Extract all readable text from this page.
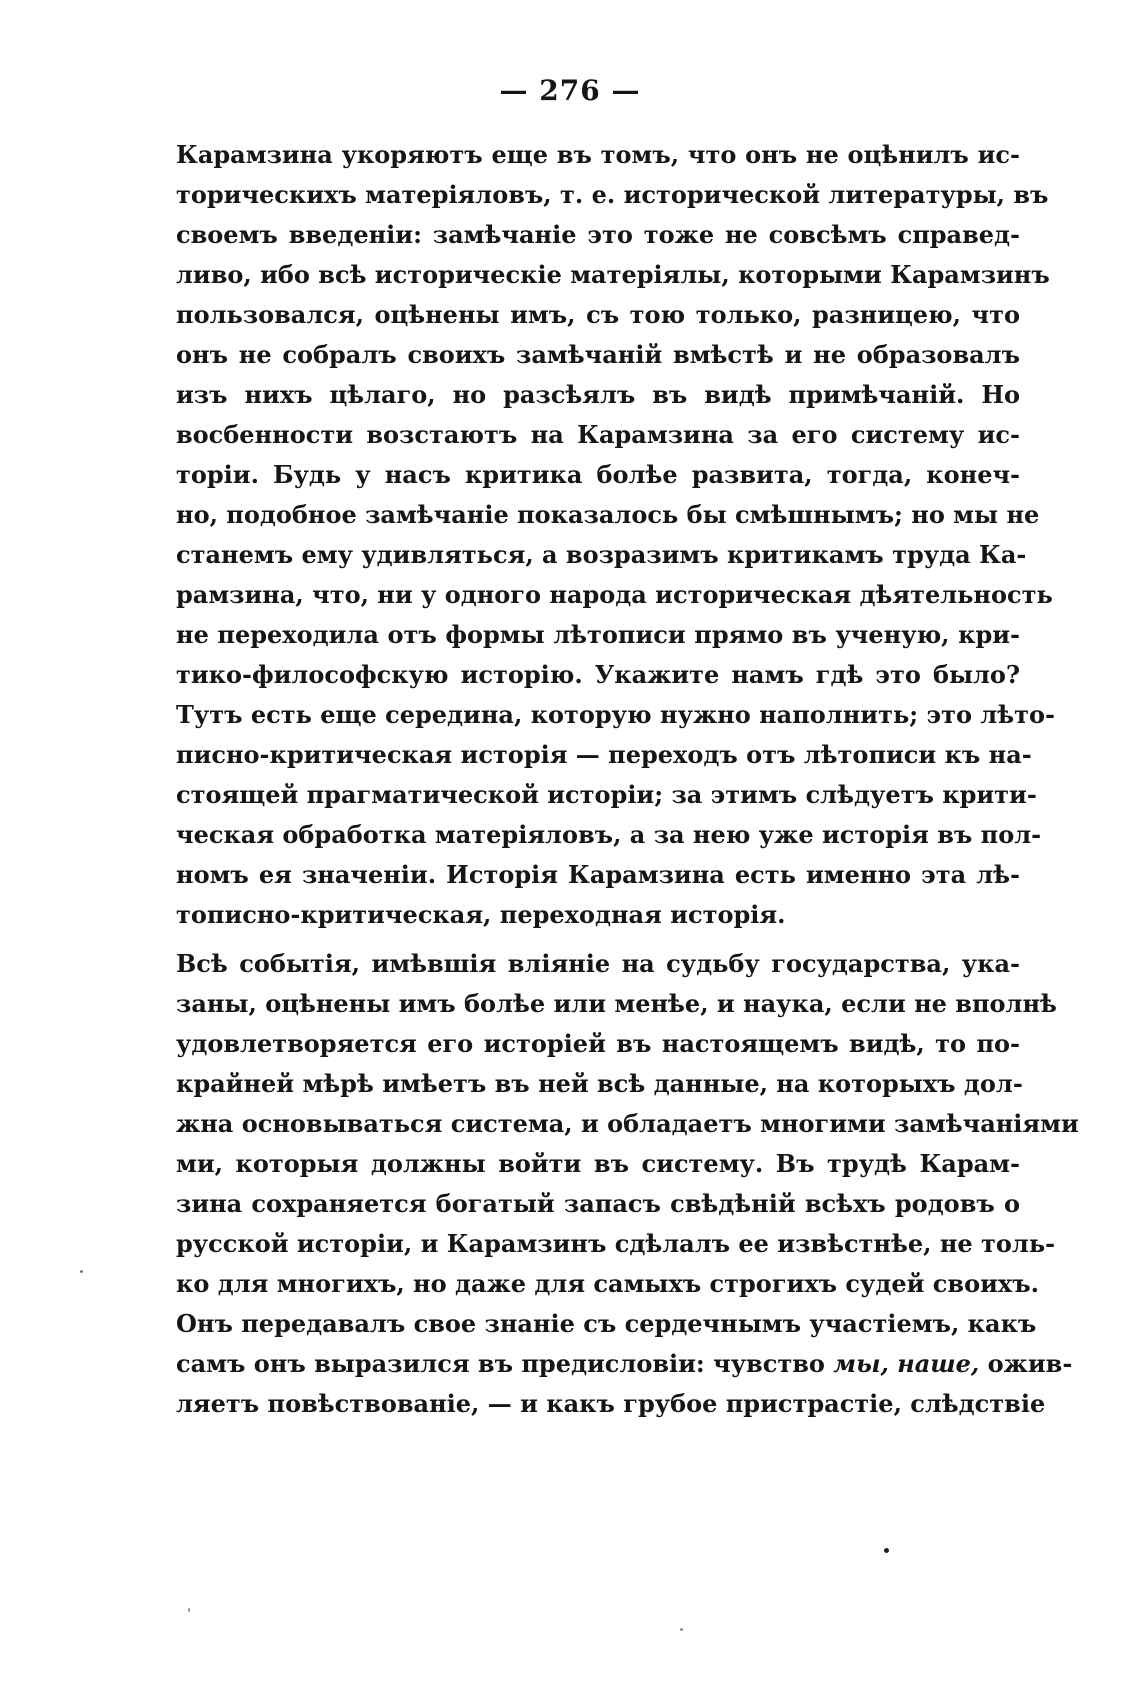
— 276 —
Карамзина укоряютъ еще въ томъ, что онъ не оцѣнилъ ис-
торическихъ матеріяловъ, т. е. исторической литературы, въ
своемъ введеніи: замѣчаніе это тоже не совсѣмъ справед-
ливо, ибо всѣ историческіе матеріялы, которыми Карамзинъ
пользовался, оцѣнены имъ, съ тою только, разницею, что
онъ не собралъ своихъ замѣчаній вмѣстѣ и не образовалъ
изъ нихъ цѣлаго, но разсѣялъ въ видѣ примѣчаній. Но
восбенности возстаютъ на Карамзина за его систему ис-
торіи. Будь у насъ критика болѣе развита, тогда, конеч-
но, подобное замѣчаніе показалось бы смѣшнымъ; но мы не
станемъ ему удивляться, а возразимъ критикамъ труда Ка-
рамзина, что, ни у одного народа историческая дѣятельность
не переходила отъ формы лѣтописи прямо въ ученую, кри-
тико-философскую исторію. Укажите намъ гдѣ это было?
Тутъ есть еще середина, которую нужно наполнить; это лѣто-
писно-критическая исторія — переходъ отъ лѣтописи къ на-
стоящей прагматической исторіи; за этимъ слѣдуетъ крити-
ческая обработка матеріяловъ, а за нею уже исторія въ пол-
номъ ея значеніи. Исторія Карамзина есть именно эта лѣ-
тописно-критическая, переходная исторія.
Всѣ событія, имѣвшія вліяніе на судьбу государства, ука-
заны, оцѣнены имъ болѣе или менѣе, и наука, если не вполнѣ
удовлетворяется его исторіей въ настоящемъ видѣ, то по-
крайней мѣрѣ имѣетъ въ ней всѣ данные, на которыхъ дол-
жна основываться система, и обладаетъ многими замѣчаніями
ми, которыя должны войти въ систему. Въ трудѣ Карам-
зина сохраняется богатый запасъ свѣдѣній всѣхъ родовъ о
русской исторіи, и Карамзинъ сдѣлалъ ее извѣстнѣе, не толь-
ко для многихъ, но даже для самыхъ строгихъ судей своихъ.
Онъ передавалъ свое знаніе съ сердечнымъ участіемъ, какъ
самъ онъ выразился въ предисловіи: чувство мы, наше, ожив-
ляетъ повѣствованіе, — и какъ грубое пристрастіе, слѣдствіе
